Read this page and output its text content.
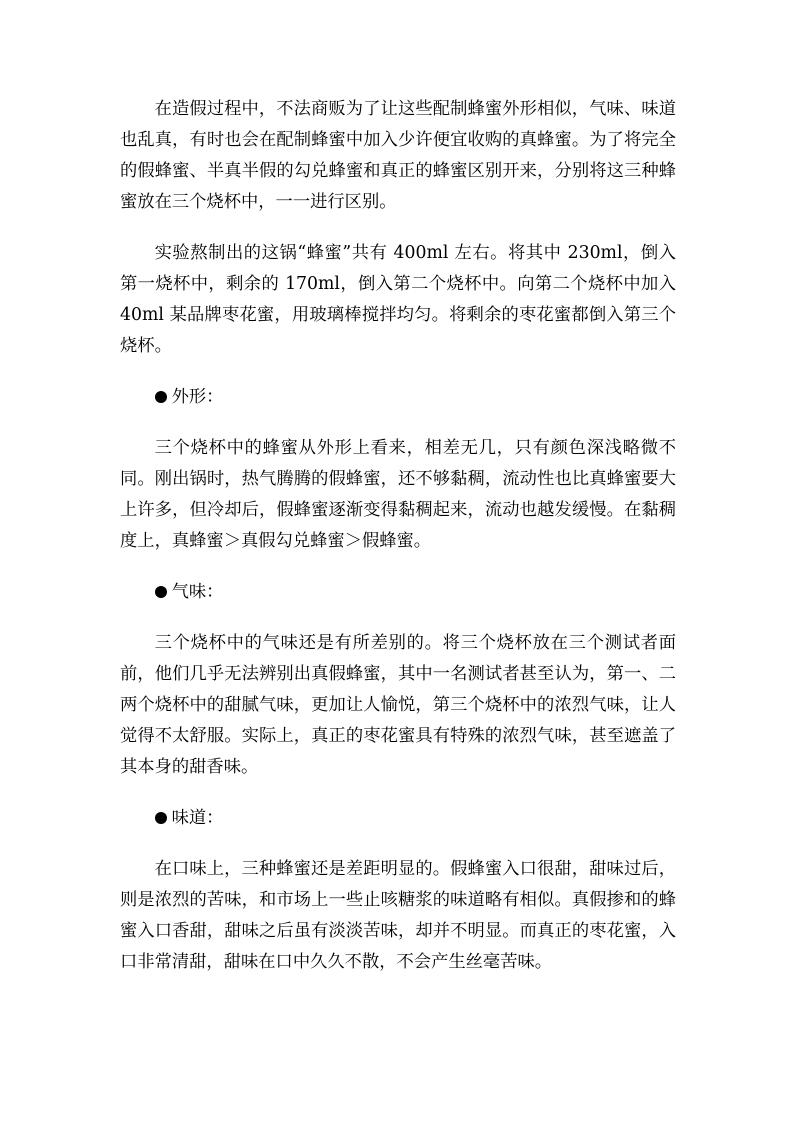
在造假过程中，不法商贩为了让这些配制蜂蜜外形相似，气味、味道也乱真，有时也会在配制蜂蜜中加入少许便宜收购的真蜂蜜。为了将完全的假蜂蜜、半真半假的勾兑蜂蜜和真正的蜂蜜区别开来，分别将这三种蜂蜜放在三个烧杯中，一一进行区别。

实验熬制出的这锅“蜂蜜”共有 400ml 左右。将其中 230ml，倒入第一烧杯中，剩余的 170ml，倒入第二个烧杯中。向第二个烧杯中加入 40ml 某品牌枣花蜜，用玻璃棒搅拌均匀。将剩余的枣花蜜都倒入第三个烧杯。

外形：

三个烧杯中的蜂蜜从外形上看来，相差无几，只有颜色深浅略微不同。刚出锅时，热气腾腾的假蜂蜜，还不够黏稠，流动性也比真蜂蜜要大上许多，但冷却后，假蜂蜜逐渐变得黏稠起来，流动也越发缓慢。在黏稠度上，真蜂蜜＞真假勾兑蜂蜜＞假蜂蜜。

气味：

三个烧杯中的气味还是有所差别的。将三个烧杯放在三个测试者面前，他们几乎无法辨别出真假蜂蜜，其中一名测试者甚至认为，第一、二两个烧杯中的甜腻气味，更加让人愉悦，第三个烧杯中的浓烈气味，让人觉得不太舒服。实际上，真正的枣花蜜具有特殊的浓烈气味，甚至遮盖了其本身的甜香味。

味道：

在口味上，三种蜂蜜还是差距明显的。假蜂蜜入口很甜，甜味过后，则是浓烈的苦味，和市场上一些止咳糖浆的味道略有相似。真假掺和的蜂蜜入口香甜，甜味之后虽有淡淡苦味，却并不明显。而真正的枣花蜜，入口非常清甜，甜味在口中久久不散，不会产生丝毫苦味。
